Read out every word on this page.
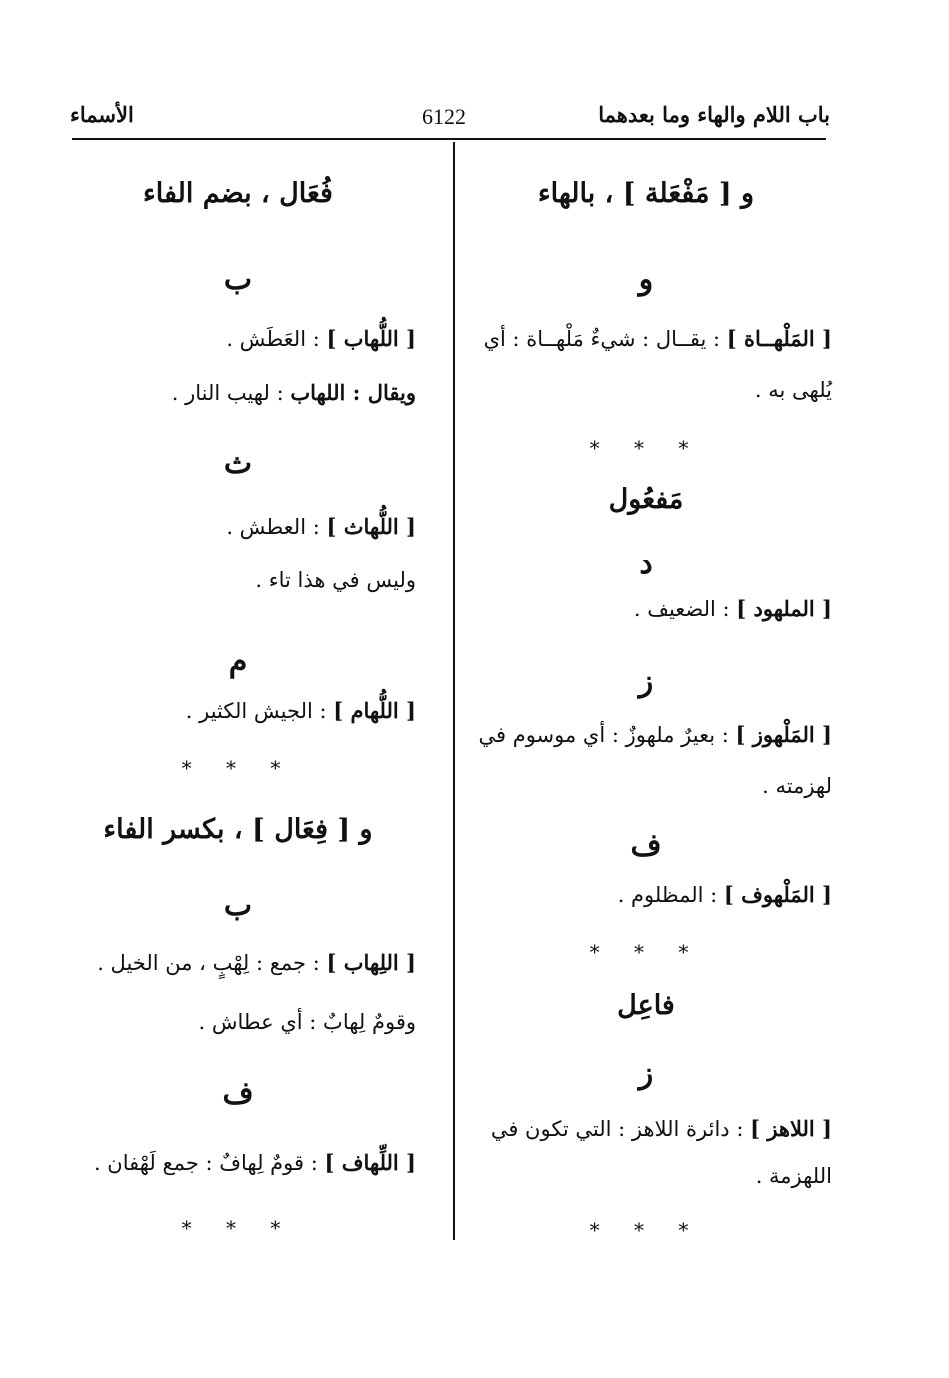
باب اللام والهاء وما بعدهما
6122
الأسماء
و [ مَفْعَلة ] ، بالهاء
و
[ المَلْهــاة ] : يقــال : شيءٌ مَلْهــاة : أي
يُلهى به .
* * *
مَفعُول
د
[ الملهود ] : الضعيف .
ز
[ المَلْهوز ] : بعيرٌ ملهوزٌ : أي موسوم في
لهزمته .
ف
[ المَلْهوف ] : المظلوم .
* * *
فاعِل
ز
[ اللاهز ] : دائرة اللاهز : التي تكون في
اللهزمة .
* * *
فُعَال ، بضم الفاء
ب
[ اللُّهاب ] : العَطَش .
ويقال : اللهاب : لهيب النار .
ث
[ اللُّهاث ] : العطش .
وليس في هذا تاء .
م
[ اللُّهام ] : الجيش الكثير .
* * *
و [ فِعَال ] ، بكسر الفاء
ب
[ اللِهاب ] : جمع : لِهْبٍ ، من الخيل .
وقومٌ لِهابٌ : أي عطاش .
ف
[ اللِّهاف ] : قومٌ لِهافٌ : جمع لَهْفان .
* * *
